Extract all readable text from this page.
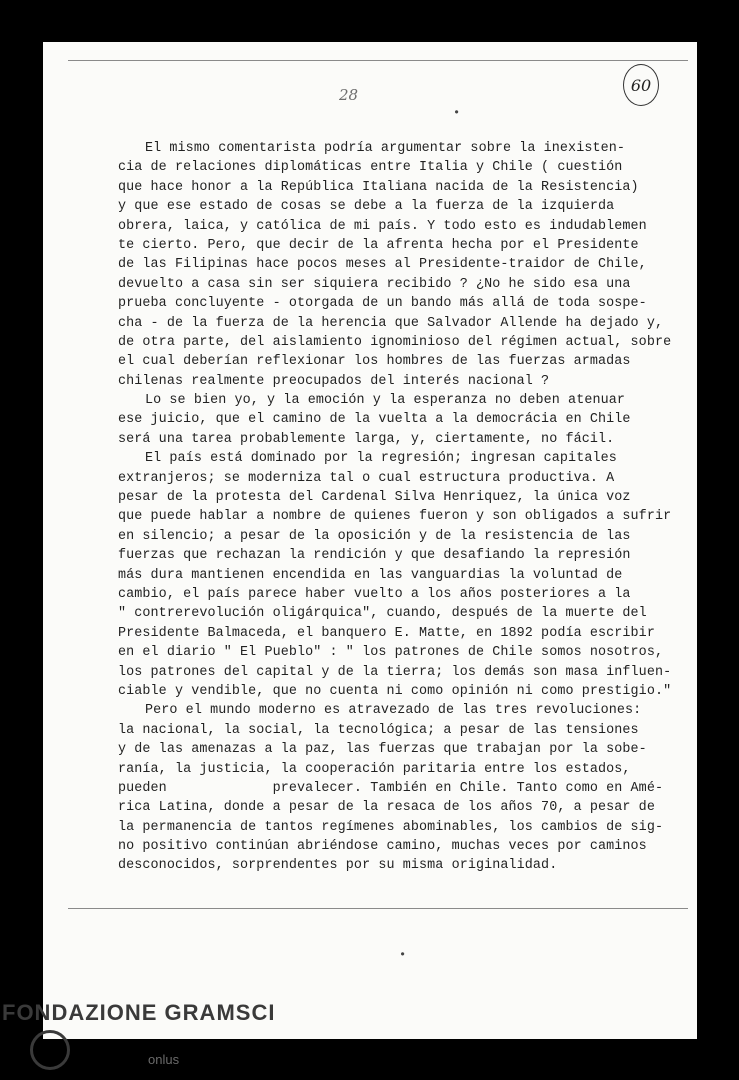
28
60
El mismo comentarista podría argumentar sobre la inexisten-
cia de relaciones diplomáticas entre Italia y Chile ( cuestión
que hace honor a la República Italiana nacida de la Resistencia)
y que ese estado de cosas se debe a la fuerza de la izquierda
obrera, laica, y católica de mi país. Y todo esto es indudablemen
te cierto. Pero, que decir de la afrenta hecha por el Presidente
de las Filipinas hace pocos meses al Presidente-traidor de Chile,
devuelto a casa sin ser siquiera recibido ? ¿No he sido esa una
prueba concluyente - otorgada de un bando más allá de toda sospe-
cha - de la fuerza de la herencia que Salvador Allende ha dejado y,
de otra parte, del aislamiento ignominioso del régimen actual, sobre
el cual deberían reflexionar los hombres de las fuerzas armadas
chilenas realmente preocupados del interés nacional ?
Lo se bien yo, y la emoción y la esperanza no deben atenuar
ese juicio, que el camino de la vuelta a la democrácia en Chile
será una tarea probablemente larga, y, ciertamente, no fácil.
El país está dominado por la regresión; ingresan capitales
extranjeros; se moderniza tal o cual estructura productiva. A
pesar de la protesta del Cardenal Silva Henriquez, la única voz
que puede hablar a nombre de quienes fueron y son obligados a sufrir
en silencio; a pesar de la oposición y de la resistencia de las
fuerzas que rechazan la rendición y que desafiando la represión
más dura mantienen encendida en las vanguardias la voluntad de
cambio, el país parece haber vuelto a los años posteriores a la
" contrerevolución oligárquica", cuando, después de la muerte del
Presidente Balmaceda, el banquero E. Matte, en 1892 podía escribir
en el diario " El Pueblo" : " los patrones de Chile somos nosotros,
los patrones del capital y de la tierra; los demás son masa influen-
ciable y vendible, que no cuenta ni como opinión ni como prestigio."
Pero el mundo moderno es atravezado de las tres revoluciones:
la nacional, la social, la tecnológica; a pesar de las tensiones
y de las amenazas a la paz, las fuerzas que trabajan por la sobe-
ranía, la justicia, la cooperación paritaria entre los estados,
pueden             prevalecer. También en Chile. Tanto como en Amé-
rica Latina, donde a pesar de la resaca de los años 70, a pesar de
la permanencia de tantos regímenes abominables, los cambios de sig-
no positivo continúan abriéndose camino, muchas veces por caminos
desconocidos, sorprendentes por su misma originalidad.
•
•
FONDAZIONE GRAMSCI
onlus
